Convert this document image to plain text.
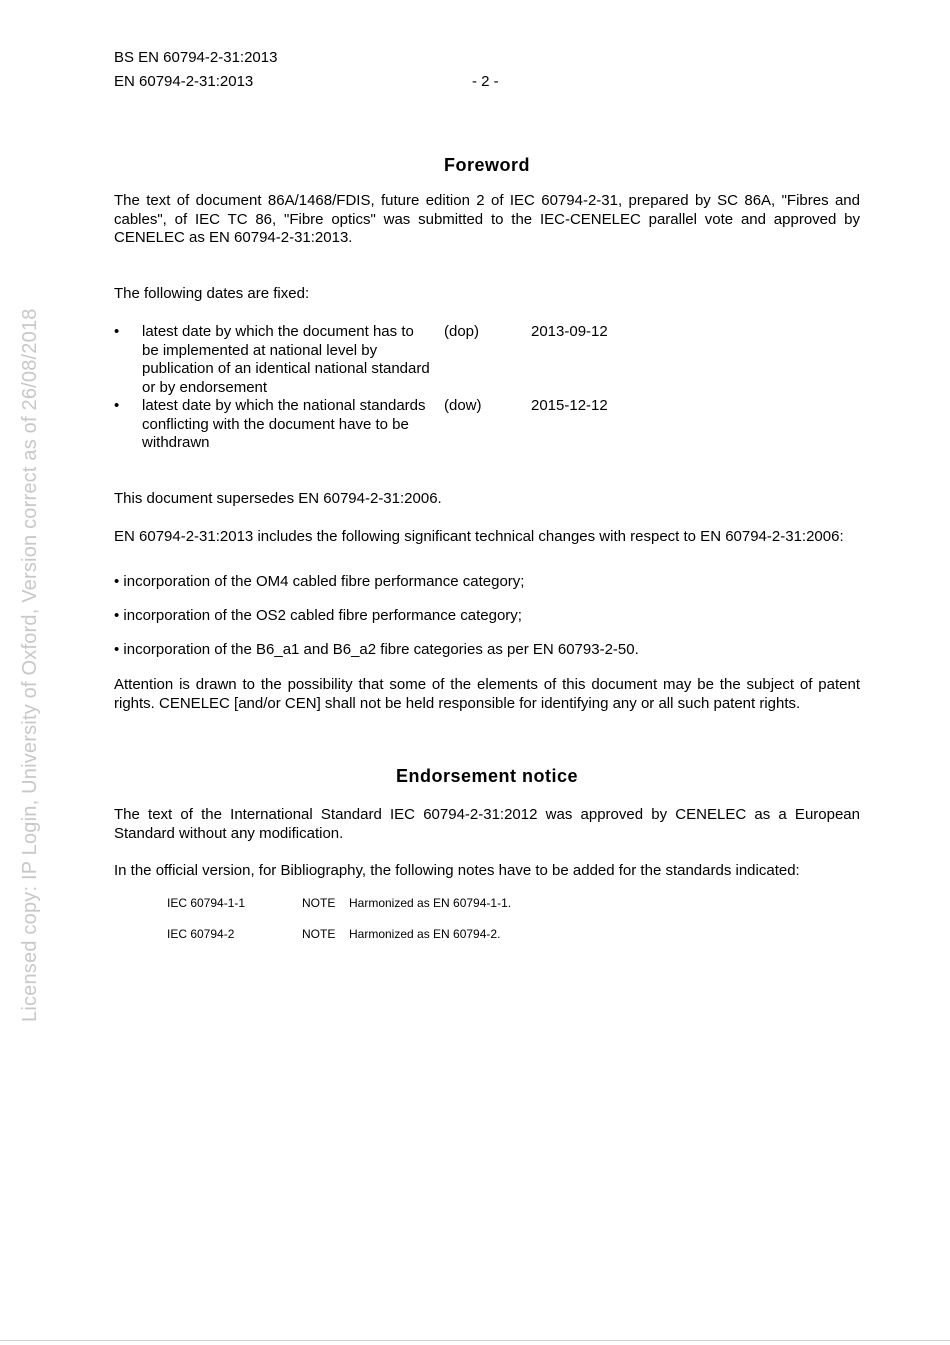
BS EN 60794-2-31:2013
EN 60794-2-31:2013	- 2 -
Foreword

The text of document 86A/1468/FDIS, future edition 2 of IEC 60794-2-31, prepared by SC 86A, "Fibres and cables", of IEC TC 86, "Fibre optics" was submitted to the IEC-CENELEC parallel vote and approved by CENELEC as EN 60794-2-31:2013.

The following dates are fixed:

•	latest date by which the document has to be implemented at national level by publication of an identical national standard or by endorsement
(dop)	2013-09-12
•	latest date by which the national standards conflicting with the document have to be withdrawn
(dow)	2015-12-12

This document supersedes EN 60794-2-31:2006.

EN 60794-2-31:2013 includes the following significant technical changes with respect to EN 60794-2-31:2006:

• incorporation of the OM4 cabled fibre performance category;

• incorporation of the OS2 cabled fibre performance category;

• incorporation of the B6_a1 and B6_a2 fibre categories as per EN 60793-2-50.

Attention is drawn to the possibility that some of the elements of this document may be the subject of patent rights. CENELEC [and/or CEN] shall not be held responsible for identifying any or all such patent rights.

Endorsement notice

The text of the International Standard IEC 60794-2-31:2012 was approved by CENELEC as a European Standard without any modification.

In the official version, for Bibliography, the following notes have to be added for the standards indicated:

IEC 60794-1-1	NOTE Harmonized as EN 60794-1-1.
IEC 60794-2	NOTE Harmonized as EN 60794-2.
Licensed copy: IP Login, University of Oxford, Version correct as of 26/08/2018
